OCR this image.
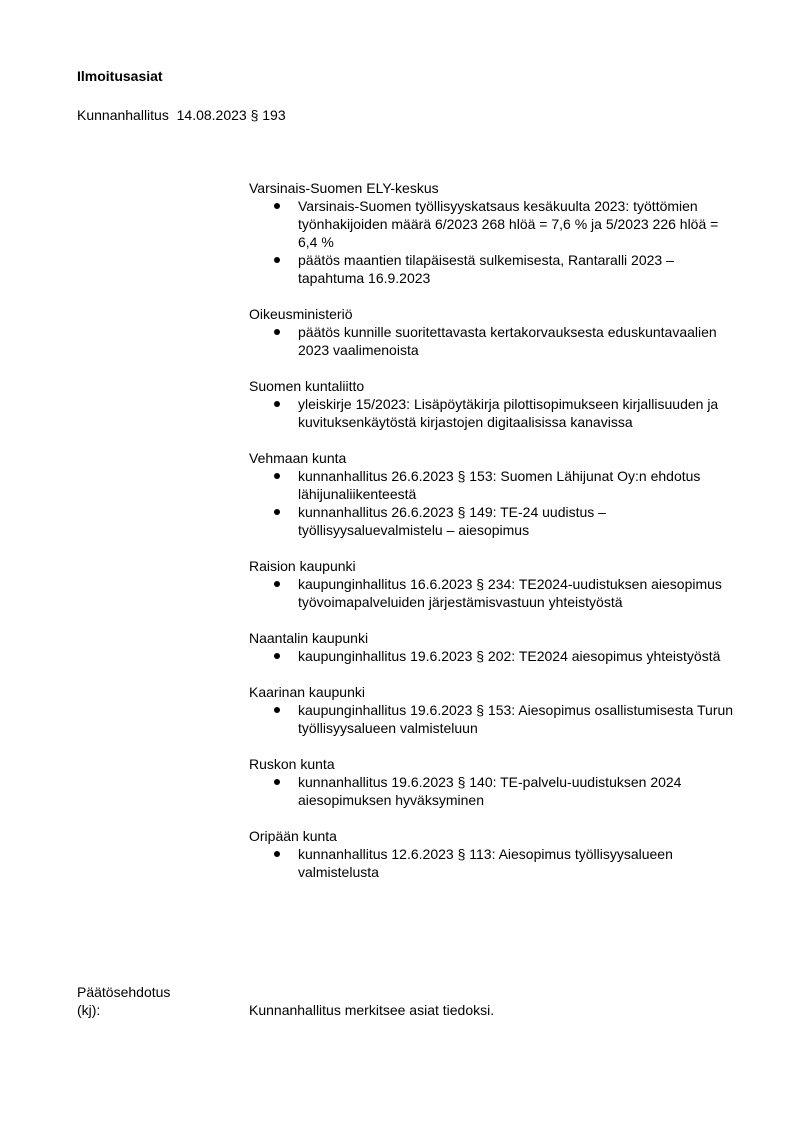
Ilmoitusasiat
Kunnanhallitus  14.08.2023 § 193
Varsinais-Suomen ELY-keskus
Varsinais-Suomen työllisyyskatsaus kesäkuulta 2023: työttömien työnhakijoiden määrä 6/2023 268 hlöä = 7,6 % ja 5/2023 226 hlöä = 6,4 %
päätös maantien tilapäisestä sulkemisesta, Rantaralli 2023 – tapahtuma 16.9.2023
Oikeusministeriö
päätös kunnille suoritettavasta kertakorvauksesta eduskuntavaalien 2023 vaalimenoista
Suomen kuntaliitto
yleiskirje 15/2023: Lisäpöytäkirja pilottisopimukseen kirjallisuuden ja kuvituksenkäytöstä kirjastojen digitaalisissa kanavissa
Vehmaan kunta
kunnanhallitus 26.6.2023 § 153: Suomen Lähijunat Oy:n ehdotus lähijunaliikenteestä
kunnanhallitus 26.6.2023 § 149: TE-24 uudistus – työllisyysaluevalmistelu – aiesopimus
Raision kaupunki
kaupunginhallitus 16.6.2023 § 234: TE2024-uudistuksen aiesopimus työvoimapalveluiden järjestämisvastuun yhteistyöstä
Naantalin kaupunki
kaupunginhallitus 19.6.2023 § 202: TE2024 aiesopimus yhteistyöstä
Kaarinan kaupunki
kaupunginhallitus 19.6.2023 § 153: Aiesopimus osallistumisesta Turun työllisyysalueen valmisteluun
Ruskon kunta
kunnanhallitus 19.6.2023 § 140: TE-palvelu-uudistuksen 2024 aiesopimuksen hyväksyminen
Oripään kunta
kunnanhallitus 12.6.2023 § 113: Aiesopimus työllisyysalueen valmistelusta
Päätösehdotus
(kj):	Kunnanhallitus merkitsee asiat tiedoksi.
